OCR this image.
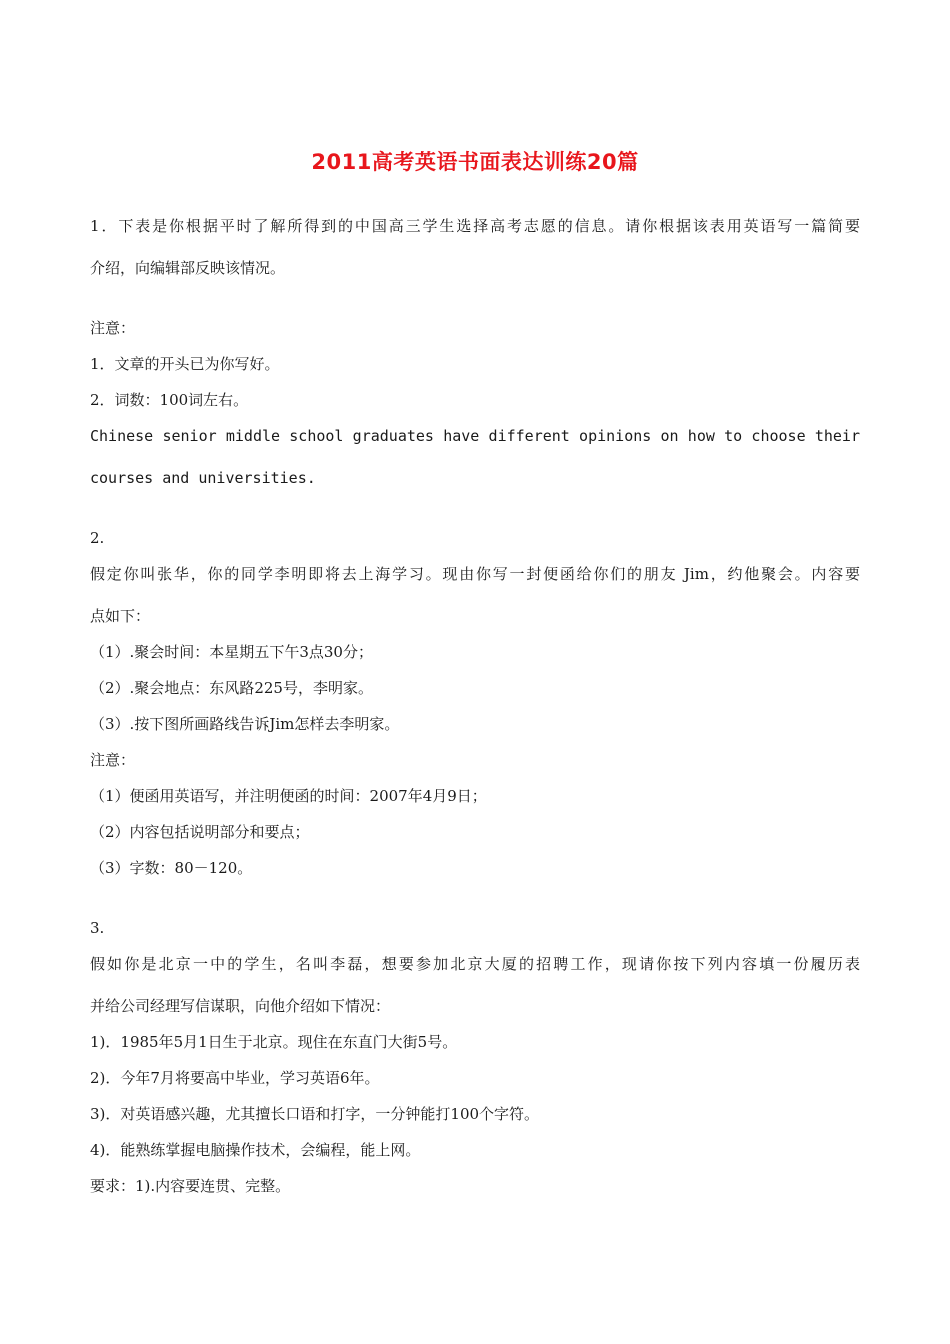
2011高考英语书面表达训练20篇
1．下表是你根据平时了解所得到的中国高三学生选择高考志愿的信息。请你根据该表用英语写一篇简要
介绍，向编辑部反映该情况。
注意：
1．文章的开头已为你写好。
2．词数：100词左右。
Chinese senior middle school graduates have different opinions on how to choose their
courses and universities.
2.
假定你叫张华，你的同学李明即将去上海学习。现由你写一封便函给你们的朋友 Jim，约他聚会。内容要
点如下：
（1）.聚会时间：本星期五下午3点30分；
（2）.聚会地点：东风路225号，李明家。
（3）.按下图所画路线告诉Jim怎样去李明家。
注意：
（1）便函用英语写，并注明便函的时间：2007年4月9日；
（2）内容包括说明部分和要点；
（3）字数：80－120。
3.
假如你是北京一中的学生，名叫李磊，想要参加北京大厦的招聘工作，现请你按下列内容填一份履历表
并给公司经理写信谋职，向他介绍如下情况：
1)．1985年5月1日生于北京。现住在东直门大街5号。
2)．今年7月将要高中毕业，学习英语6年。
3)．对英语感兴趣，尤其擅长口语和打字，一分钟能打100个字符。
4)．能熟练掌握电脑操作技术，会编程，能上网。
要求：1).内容要连贯、完整。
